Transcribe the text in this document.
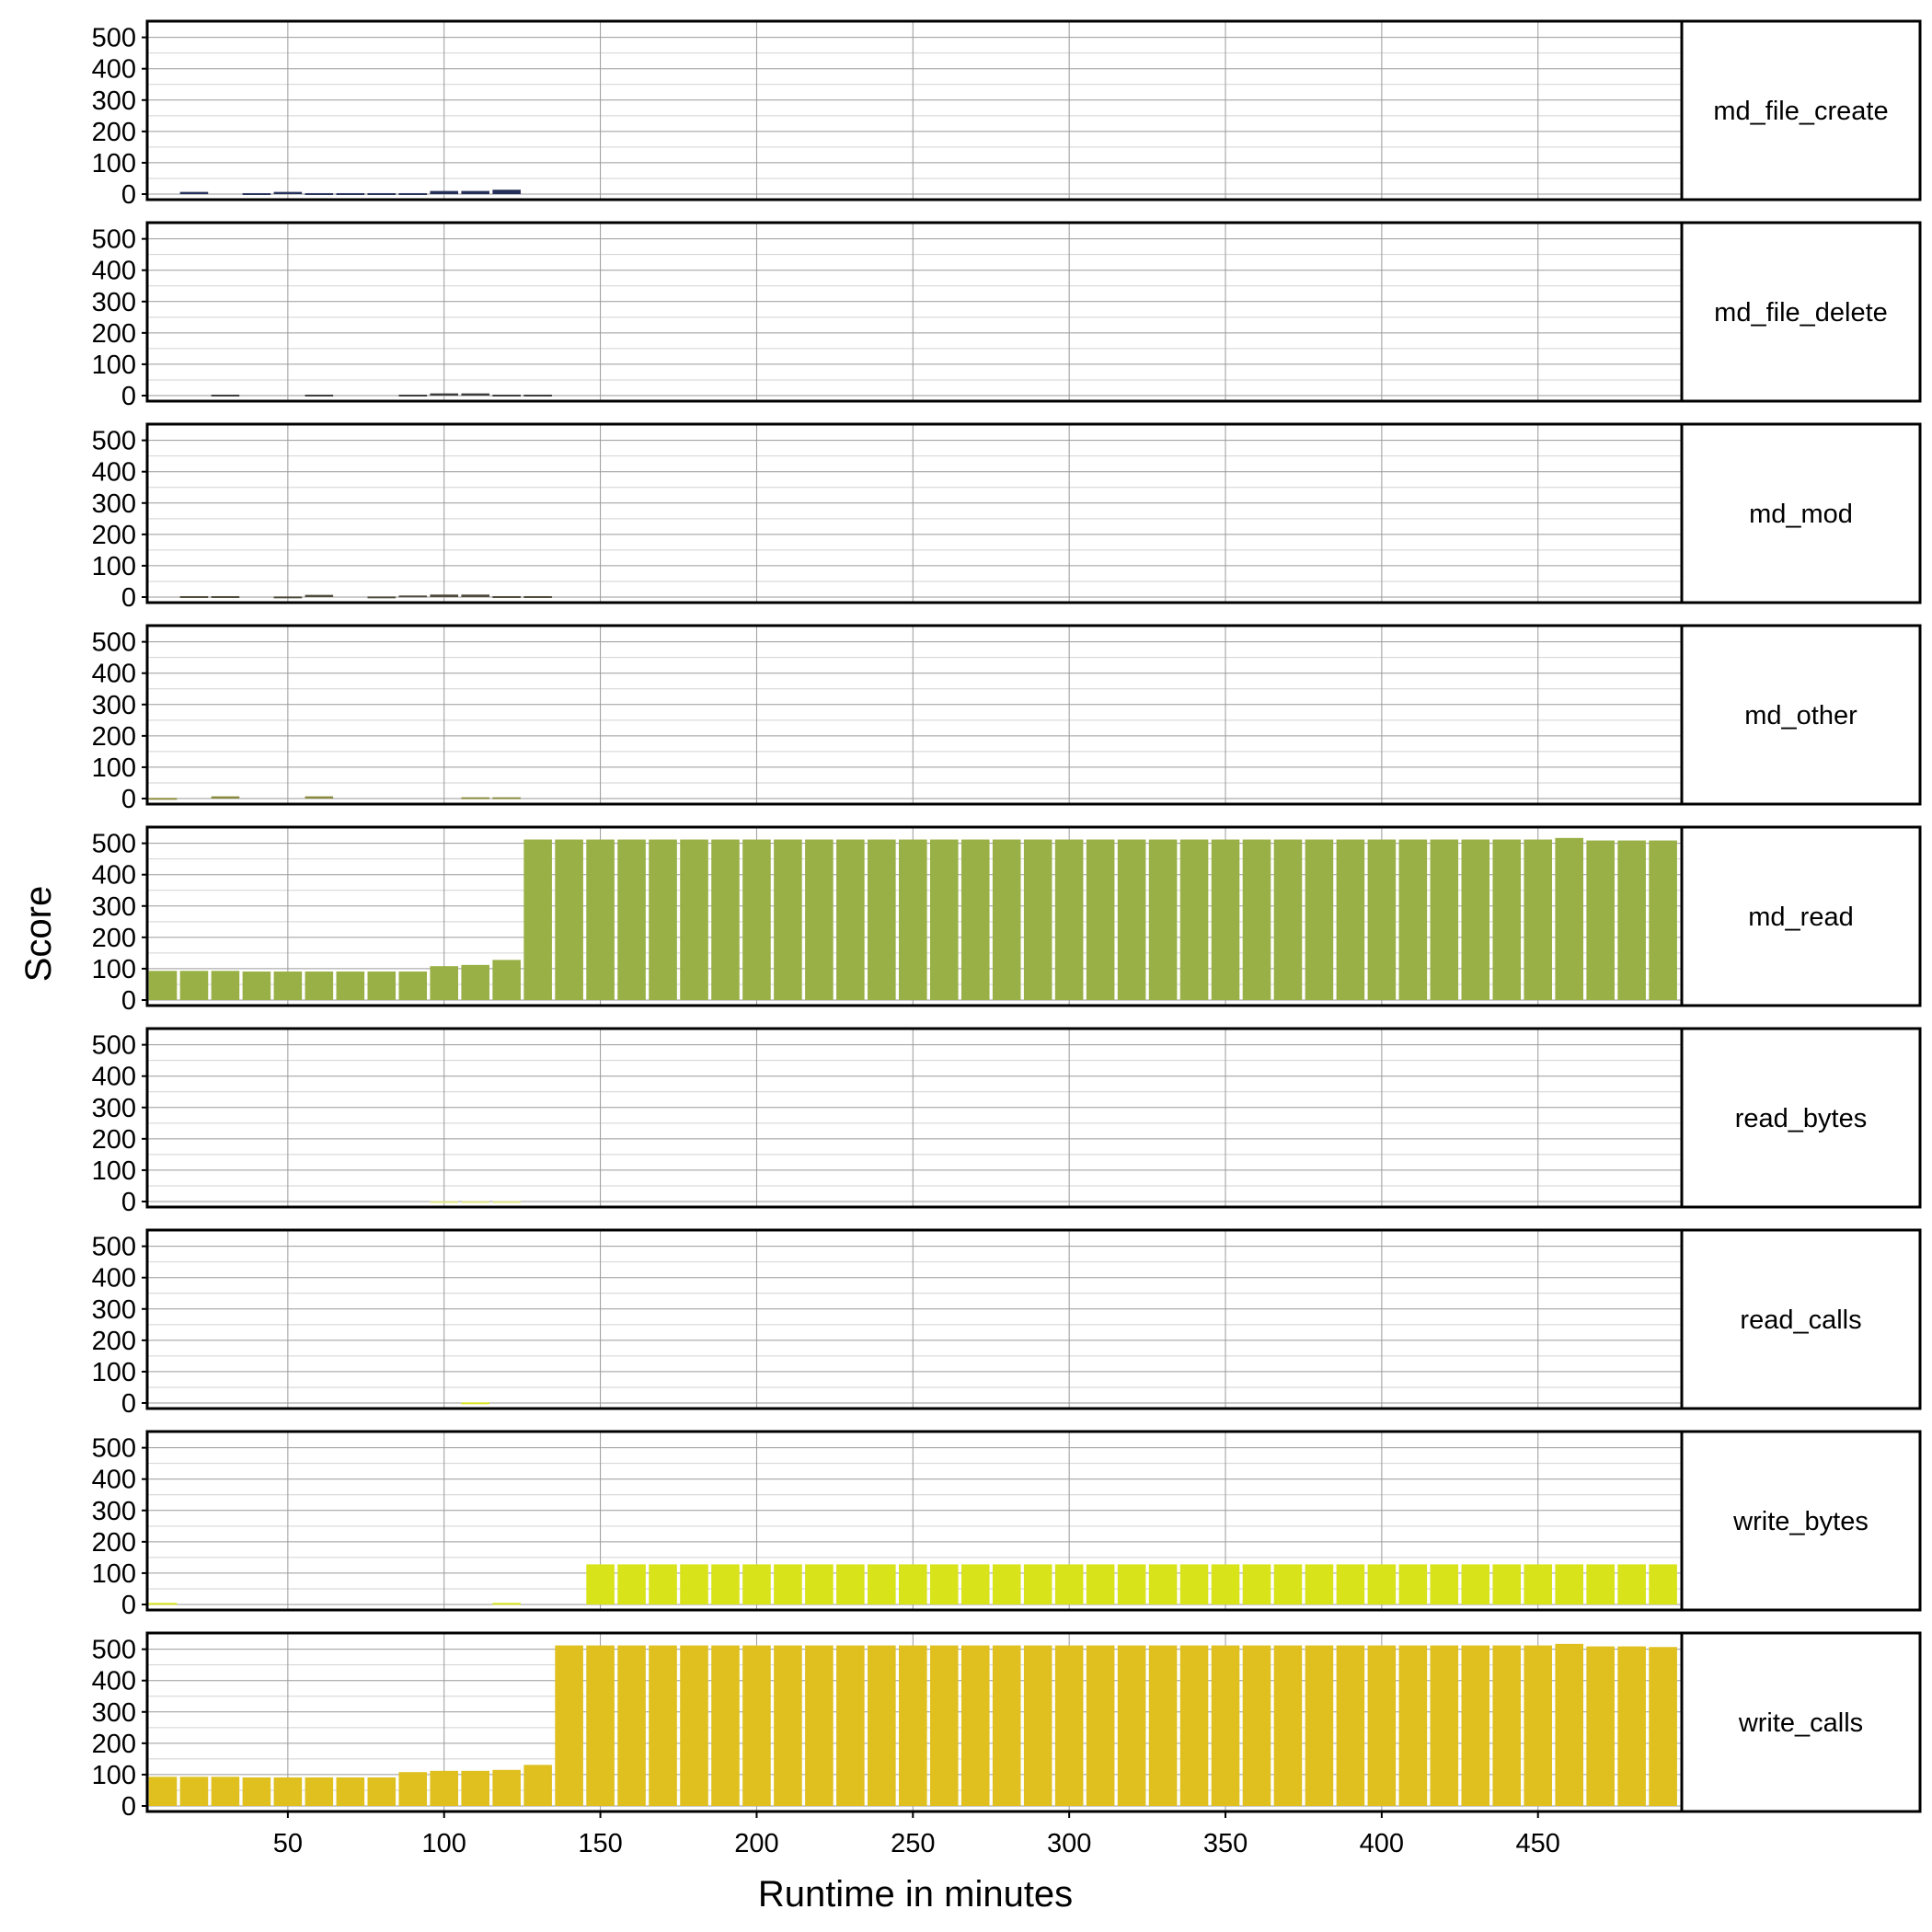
0
100
200
300
400
500
md_file_create
0
100
200
300
400
500
md_file_delete
0
100
200
300
400
500
md_mod
0
100
200
300
400
500
md_other
0
100
200
300
400
500
md_read
0
100
200
300
400
500
read_bytes
0
100
200
300
400
500
read_calls
0
100
200
300
400
500
write_bytes
0
100
200
300
400
500
write_calls
50	100	150	200	250	300	350	400	450
Runtime in minutes
Score
